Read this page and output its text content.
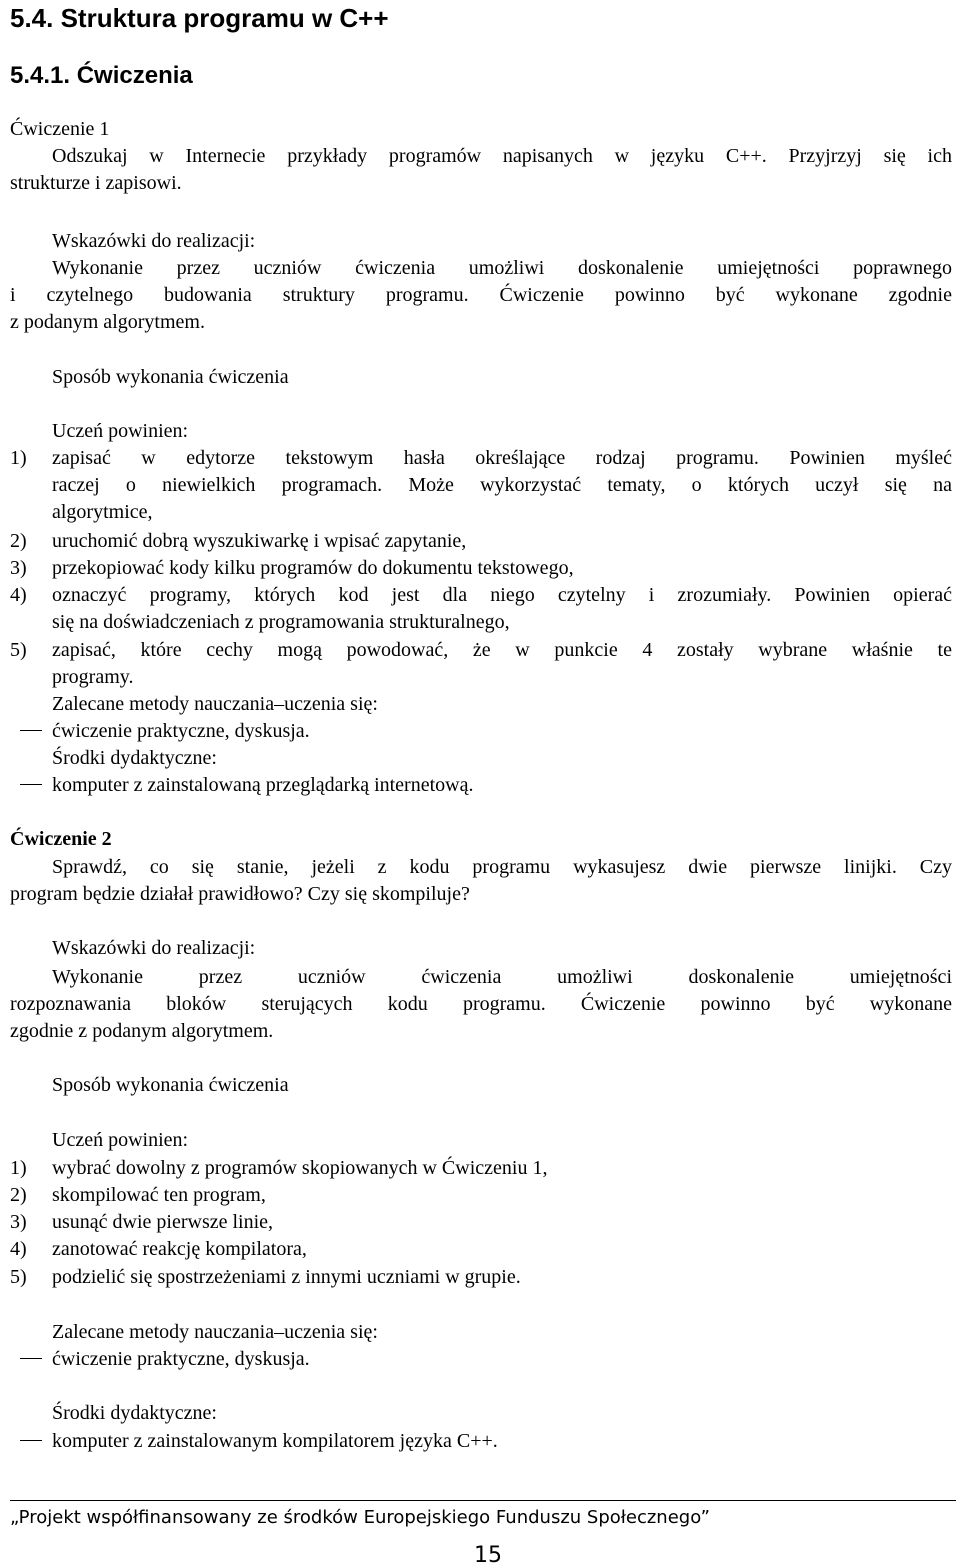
5.4. Struktura programu w C++
5.4.1. Ćwiczenia
Ćwiczenie 1
Odszukaj w Internecie przykłady programów napisanych w języku C++. Przyjrzyj się ich
strukturze i zapisowi.
Wskazówki do realizacji:
Wykonanie przez uczniów ćwiczenia umożliwi doskonalenie umiejętności poprawnego
i czytelnego budowania struktury programu. Ćwiczenie powinno być wykonane zgodnie
z podanym algorytmem.
Sposób wykonania ćwiczenia
Uczeń powinien:
1) zapisać w edytorze tekstowym hasła określające rodzaj programu. Powinien myśleć
raczej o niewielkich programach. Może wykorzystać tematy, o których uczył się na
algorytmice,
2) uruchomić dobrą wyszukiwarkę i wpisać zapytanie,
3) przekopiować kody kilku programów do dokumentu tekstowego,
4) oznaczyć programy, których kod jest dla niego czytelny i zrozumiały. Powinien opierać
się na doświadczeniach z programowania strukturalnego,
5) zapisać, które cechy mogą powodować, że w punkcie 4 zostały wybrane właśnie te
programy.
Zalecane metody nauczania–uczenia się:
ćwiczenie praktyczne, dyskusja.
Środki dydaktyczne:
komputer z zainstalowaną przeglądarką internetową.
Ćwiczenie 2
Sprawdź, co się stanie, jeżeli z kodu programu wykasujesz dwie pierwsze linijki. Czy
program będzie działał prawidłowo? Czy się skompiluje?
Wskazówki do realizacji:
Wykonanie przez uczniów ćwiczenia umożliwi doskonalenie umiejętności
rozpoznawania bloków sterujących kodu programu. Ćwiczenie powinno być wykonane
zgodnie z podanym algorytmem.
Sposób wykonania ćwiczenia
Uczeń powinien:
1) wybrać dowolny z programów skopiowanych w Ćwiczeniu 1,
2) skompilować ten program,
3) usunąć dwie pierwsze linie,
4) zanotować reakcję kompilatora,
5) podzielić się spostrzeżeniami z innymi uczniami w grupie.
Zalecane metody nauczania–uczenia się:
ćwiczenie praktyczne, dyskusja.
Środki dydaktyczne:
komputer z zainstalowanym kompilatorem języka C++.
„Projekt współfinansowany ze środków Europejskiego Funduszu Społecznego”
15
